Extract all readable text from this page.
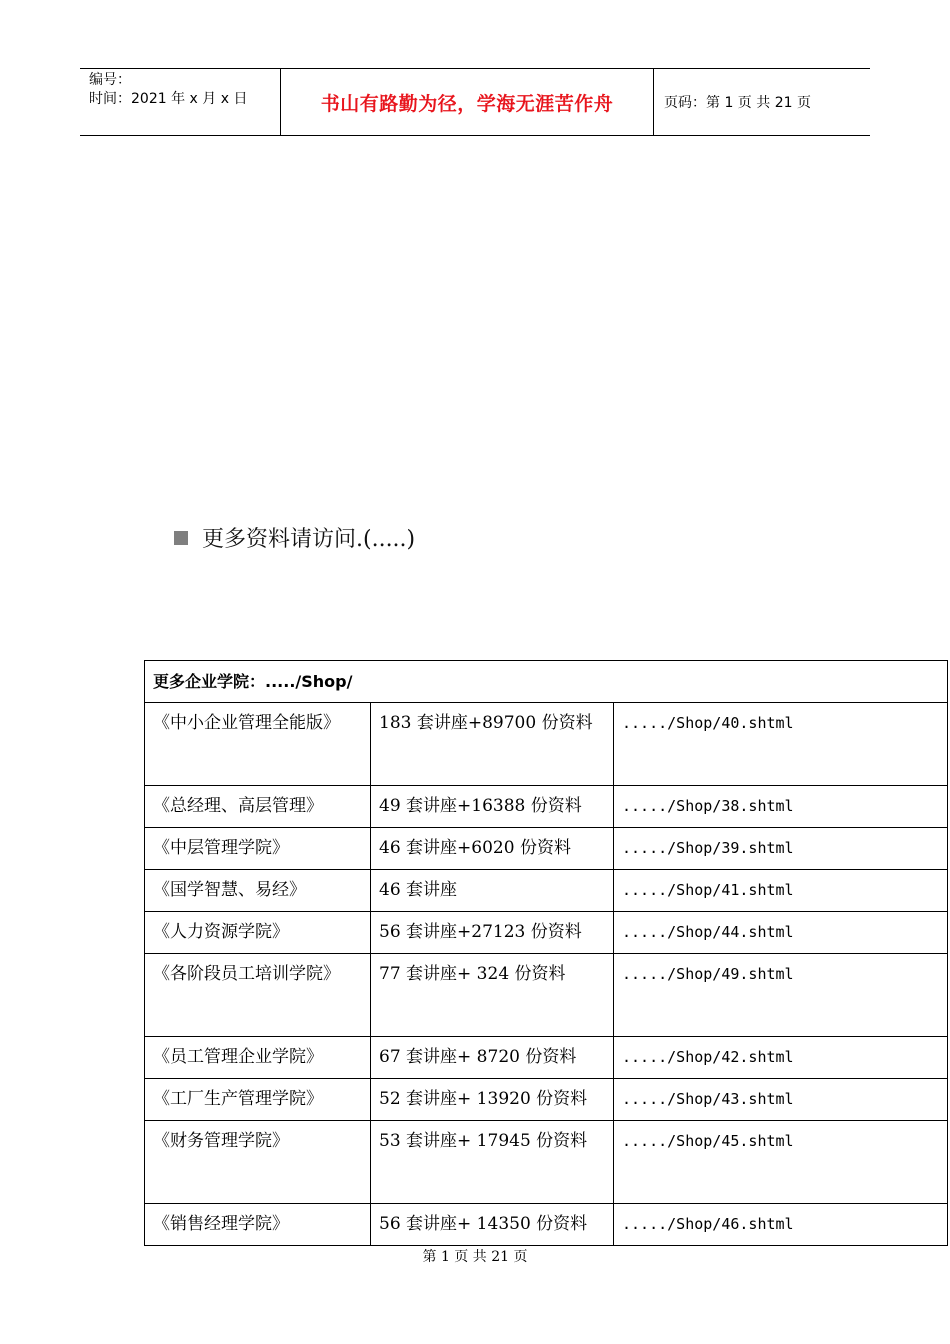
编号：
时间：2021 年 x 月 x 日	书山有路勤为径，学海无涯苦作舟	页码：第 1 页 共 21 页
更多资料请访问.(.....)
更多企业学院：...../Shop/		
《中小企业管理全能版》	183 套讲座+89700 份资料	...../Shop/40.shtml
《总经理、高层管理》	49 套讲座+16388 份资料	...../Shop/38.shtml
《中层管理学院》	46 套讲座+6020 份资料	...../Shop/39.shtml
《国学智慧、易经》	46 套讲座	...../Shop/41.shtml
《人力资源学院》	56 套讲座+27123 份资料	...../Shop/44.shtml
《各阶段员工培训学院》	77 套讲座+ 324 份资料	...../Shop/49.shtml
《员工管理企业学院》	67 套讲座+ 8720 份资料	...../Shop/42.shtml
《工厂生产管理学院》	52 套讲座+ 13920 份资料	...../Shop/43.shtml
《财务管理学院》	53 套讲座+ 17945 份资料	...../Shop/45.shtml
《销售经理学院》	56 套讲座+ 14350 份资料	...../Shop/46.shtml
第 1 页 共 21 页
